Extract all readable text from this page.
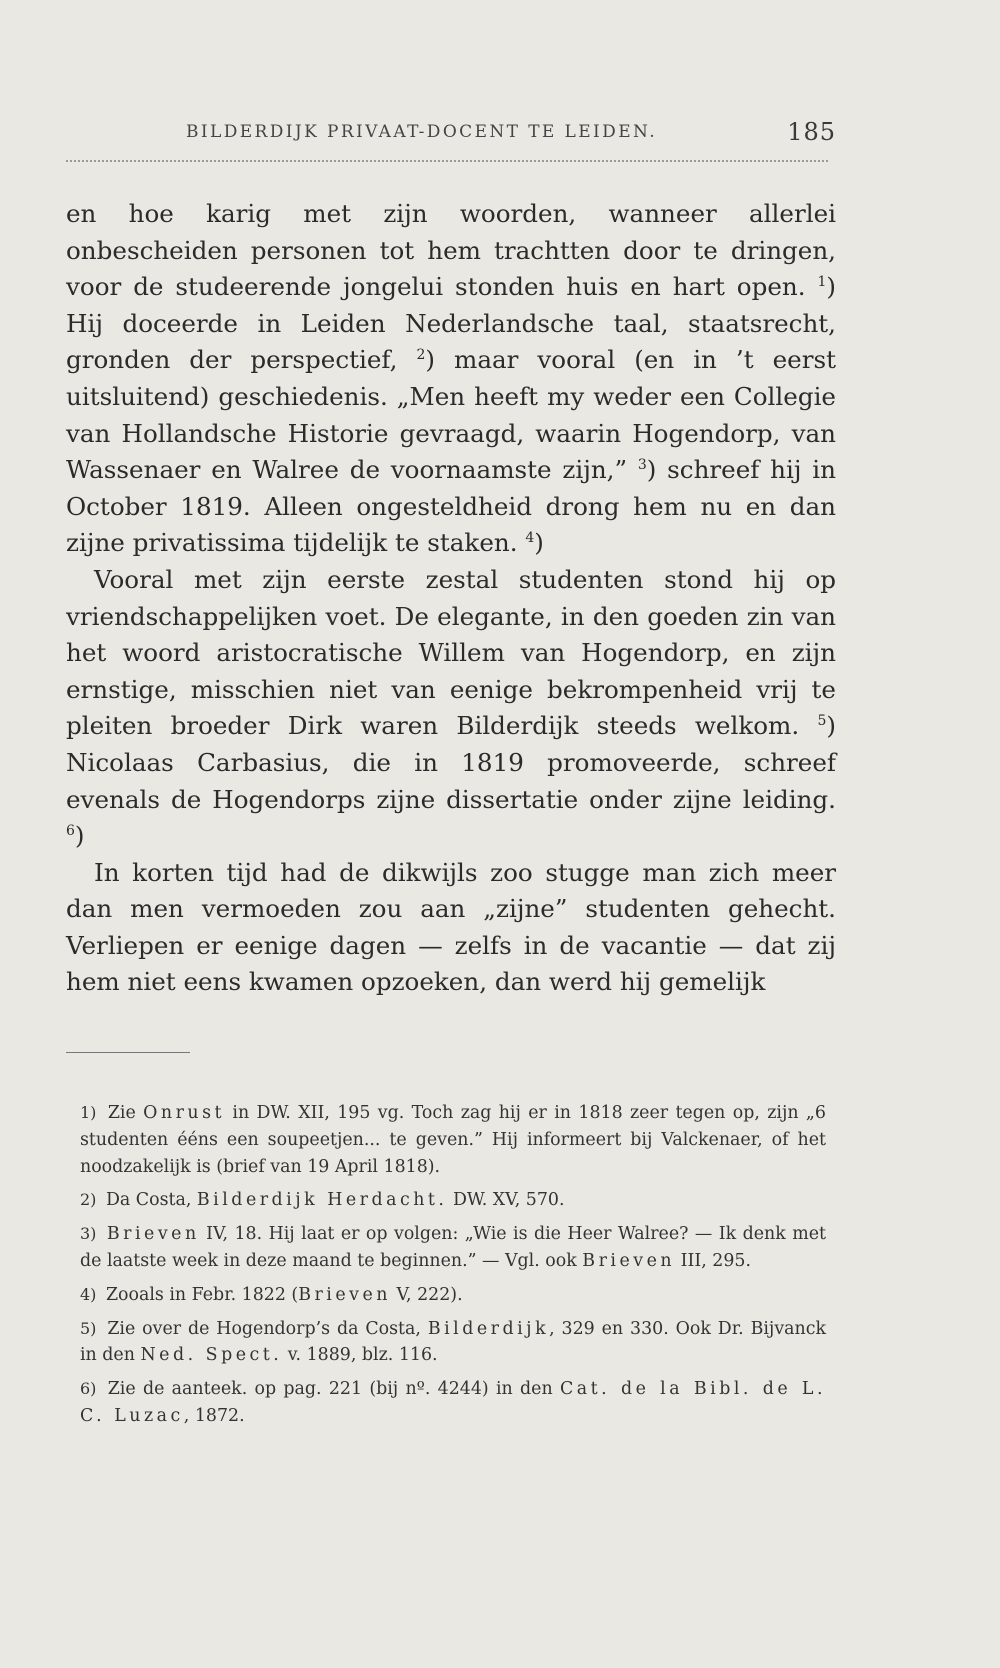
BILDERDIJK PRIVAAT-DOCENT TE LEIDEN.	185

en hoe karig met zijn woorden, wanneer allerlei onbescheiden personen tot hem trachtten door te dringen, voor de studeerende jongelui stonden huis en hart open. $^1$) Hij doceerde in Leiden Nederlandsche taal, staatsrecht, gronden der perspectief, $^2$) maar vooral (en in ’t eerst uitsluitend) geschiedenis. „Men heeft my weder een Collegie van Hollandsche Historie gevraagd, waarin Hogendorp, van Wassenaer en Walree de voornaamste zijn,” $^3$) schreef hij in October 1819. Alleen ongesteldheid drong hem nu en dan zijne privatissima tijdelijk te staken. $^4$)

Vooral met zijn eerste zestal studenten stond hij op vriendschappelijken voet. De elegante, in den goeden zin van het woord aristocratische Willem van Hogendorp, en zijn ernstige, misschien niet van eenige bekrompenheid vrij te pleiten broeder Dirk waren Bilderdijk steeds welkom. $^5$) Nicolaas Carbasius, die in 1819 promoveerde, schreef evenals de Hogendorps zijne dissertatie onder zijne leiding. $^6$)

In korten tijd had de dikwijls zoo stugge man zich meer dan men vermoeden zou aan „zijne” studenten gehecht. Verliepen er eenige dagen — zelfs in de vacantie — dat zij hem niet eens kwamen opzoeken, dan werd hij gemelijk

1) Zie Onrust in DW. XII, 195 vg. Toch zag hij er in 1818 zeer tegen op, zijn „6 studenten ééns een soupeetjen... te geven.” Hij informeert bij Valckenaer, of het noodzakelijk is (brief van 19 April 1818).

2) Da Costa, Bilderdijk Herdacht. DW. XV, 570.

3) Brieven IV, 18. Hij laat er op volgen: „Wie is die Heer Walree? — Ik denk met de laatste week in deze maand te beginnen.” — Vgl. ook Brieven III, 295.

4) Zooals in Febr. 1822 (Brieven V, 222).

5) Zie over de Hogendorp’s da Costa, Bilderdijk, 329 en 330. Ook Dr. Bijvanck in den Ned. Spect. v. 1889, blz. 116.

6) Zie de aanteek. op pag. 221 (bij nº. 4244) in den Cat. de la Bibl. de L. C. Luzac, 1872.
